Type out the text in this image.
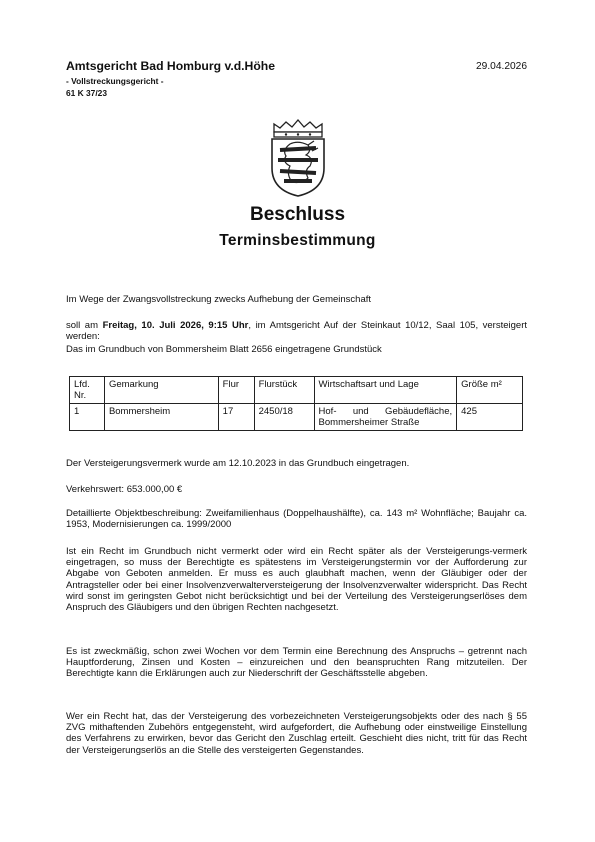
Amtsgericht Bad Homburg v.d.Höhe
- Vollstreckungsgericht -
61 K 37/23
29.04.2026
Beschluss
Terminsbestimmung
Im Wege der Zwangsvollstreckung zwecks Aufhebung der Gemeinschaft
soll am Freitag, 10. Juli 2026, 9:15 Uhr, im Amtsgericht Auf der Steinkaut 10/12, Saal 105, versteigert werden:
Das im Grundbuch von Bommersheim Blatt 2656 eingetragene Grundstück
Lfd. Nr.	Gemarkung	Flur	Flurstück	Wirtschaftsart und Lage	Größe m²
1	Bommersheim	17	2450/18	Hof- und Gebäudefläche, Bommersheimer Straße	425
Der Versteigerungsvermerk wurde am 12.10.2023 in das Grundbuch eingetragen.
Verkehrswert: 653.000,00 €
Detaillierte Objektbeschreibung: Zweifamilienhaus (Doppelhaushälfte), ca. 143 m² Wohnfläche; Baujahr ca. 1953, Modernisierungen ca. 1999/2000
Ist ein Recht im Grundbuch nicht vermerkt oder wird ein Recht später als der Versteigerungs-vermerk eingetragen, so muss der Berechtigte es spätestens im Versteigerungstermin vor der Aufforderung zur Abgabe von Geboten anmelden. Er muss es auch glaubhaft machen, wenn der Gläubiger oder der Antragsteller oder bei einer Insolvenzverwalterversteigerung der Insolvenzverwalter widerspricht. Das Recht wird sonst im geringsten Gebot nicht berücksichtigt und bei der Verteilung des Versteigerungserlöses dem Anspruch des Gläubigers und den übrigen Rechten nachgesetzt.
Es ist zweckmäßig, schon zwei Wochen vor dem Termin eine Berechnung des Anspruchs – getrennt nach Hauptforderung, Zinsen und Kosten – einzureichen und den beanspruchten Rang mitzuteilen. Der Berechtigte kann die Erklärungen auch zur Niederschrift der Geschäftsstelle abgeben.
Wer ein Recht hat, das der Versteigerung des vorbezeichneten Versteigerungsobjekts oder des nach § 55 ZVG mithaftenden Zubehörs entgegensteht, wird aufgefordert, die Aufhebung oder einstweilige Einstellung des Verfahrens zu erwirken, bevor das Gericht den Zuschlag erteilt. Geschieht dies nicht, tritt für das Recht der Versteigerungserlös an die Stelle des versteigerten Gegenstandes.
